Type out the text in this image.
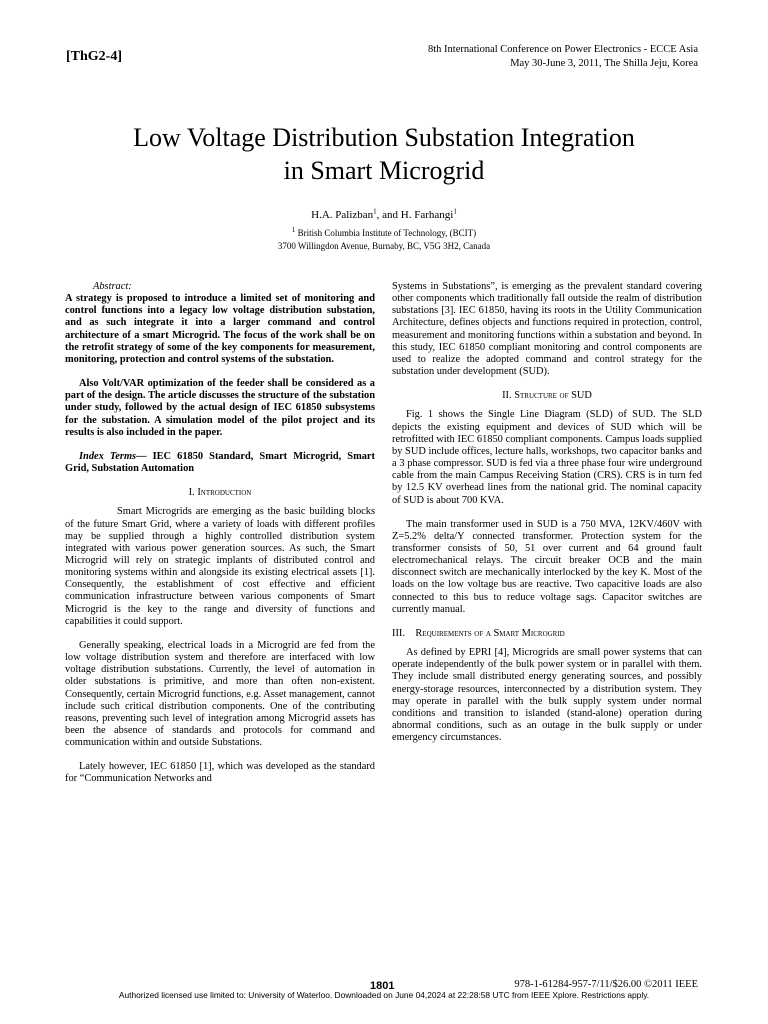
[ThG2-4]	8th International Conference on Power Electronics - ECCE Asia
May 30-June 3, 2011, The Shilla Jeju, Korea
Low Voltage Distribution Substation Integration
in Smart Microgrid
H.A. Palizban$^1$, and H. Farhangi$^1$
$^1$ British Columbia Institute of Technology, (BCIT)
3700 Willingdon Avenue, Burnaby, BC, V5G 3H2, Canada

Abstract:

A strategy is proposed to introduce a limited set of monitoring and control functions into a legacy low voltage distribution substation, and as such integrate it into a larger command and control architecture of a smart Microgrid. The focus of the work shall be on the retrofit strategy of some of the key components for measurement, monitoring, protection and control systems of the substation.

Also Volt/VAR optimization of the feeder shall be considered as a part of the design. The article discusses the structure of the substation under study, followed by the actual design of IEC 61850 subsystems for the substation. A simulation model of the pilot project and its results is also included in the paper.

Index Terms— IEC 61850 Standard, Smart Microgrid, Smart Grid, Substation Automation

I. Introduction

Smart Microgrids are emerging as the basic building blocks of the future Smart Grid, where a variety of loads with different profiles may be supplied through a highly controlled distribution system integrated with various power generation sources. As such, the Smart Microgrid will rely on strategic implants of distributed control and monitoring systems within and alongside its existing electrical assets [1]. Consequently, the establishment of cost effective and efficient communication infrastructure between various components of Smart Microgrid is the key to the range and diversity of functions and capabilities it could support.

Generally speaking, electrical loads in a Microgrid are fed from the low voltage distribution system and therefore are interfaced with low voltage distribution substations. Currently, the level of automation in older substations is primitive, and more than often non-existent. Consequently, certain Microgrid functions, e.g. Asset management, cannot include such critical distribution components. One of the contributing reasons, preventing such level of integration among Microgrid assets has been the absence of standards and protocols for command and communication within and outside Substations.

Lately however, IEC 61850 [1], which was developed as the standard for “Communication Networks and

Systems in Substations”, is emerging as the prevalent standard covering other components which traditionally fall outside the realm of distribution substations [3]. IEC 61850, having its roots in the Utility Communication Architecture, defines objects and functions required in protection, control, measurement and monitoring functions within a substation and beyond. In this study, IEC 61850 compliant monitoring and control components are used to realize the adopted command and control strategy for the substation under development (SUD).

II. Structure of SUD

Fig. 1 shows the Single Line Diagram (SLD) of SUD. The SLD depicts the existing equipment and devices of SUD which will be retrofitted with IEC 61850 compliant components. Campus loads supplied by SUD include offices, lecture halls, workshops, two capacitor banks and a 3 phase compressor. SUD is fed via a three phase four wire underground cable from the main Campus Receiving Station (CRS). CRS is in turn fed by 12.5 KV overhead lines from the national grid. The nominal capacity of SUD is about 700 KVA.

The main transformer used in SUD is a 750 MVA, 12KV/460V with Z=5.2% delta/Y connected transformer. Protection system for the transformer consists of 50, 51 over current and 64 ground fault electromechanical relays. The circuit breaker OCB and the main disconnect switch are mechanically interlocked by the key K. Most of the loads on the low voltage bus are reactive. Two capacitive loads are also connected to this bus to reduce voltage sags. Capacitor switches are currently manual.

III. Requirements of a Smart Microgrid

As defined by EPRI [4], Microgrids are small power systems that can operate independently of the bulk power system or in parallel with them. They include small distributed energy generating sources, and possibly energy-storage resources, interconnected by a distribution system. They may operate in parallel with the bulk supply system under normal conditions and transition to islanded (stand-alone) operation during abnormal conditions, such as an outage in the bulk supply or under emergency circumstances.

1801	978-1-61284-957-7/11/$26.00 ©2011 IEEE
Authorized licensed use limited to: University of Waterloo. Downloaded on June 04,2024 at 22:28:58 UTC from IEEE Xplore. Restrictions apply.
